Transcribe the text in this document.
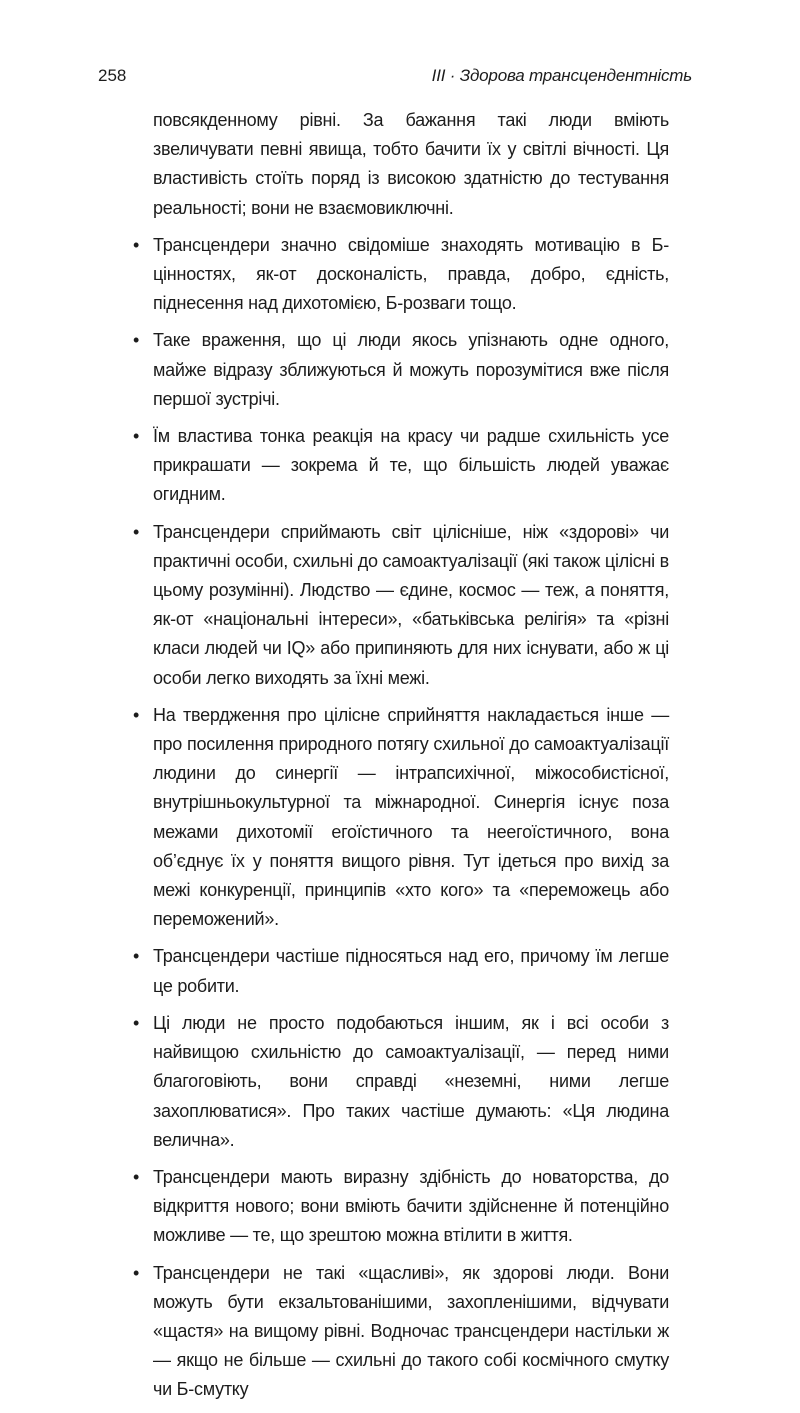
258	III · Здорова трансцендентність

повсякденному рівні. За бажання такі люди вміють звеличувати певні явища, тобто бачити їх у світлі вічності. Ця властивість стоїть поряд із високою здатністю до тестування реальності; вони не взаємовиключні.

• Трансцендери значно свідоміше знаходять мотивацію в Б-цінностях, як-от досконалість, правда, добро, єдність, піднесення над дихотомією, Б-розваги тощо.

• Таке враження, що ці люди якось упізнають одне одного, майже відразу зближуються й можуть порозумітися вже після першої зустрічі.

• Їм властива тонка реакція на красу чи радше схильність усе прикрашати — зокрема й те, що більшість людей уважає огидним.

• Трансцендери сприймають світ цілісніше, ніж «здорові» чи практичні особи, схильні до самоактуалізації (які також цілісні в цьому розумінні). Людство — єдине, космос — теж, а поняття, як-от «національні інтереси», «батьківська релігія» та «різні класи людей чи IQ» або припиняють для них існувати, або ж ці особи легко виходять за їхні межі.

• На твердження про цілісне сприйняття накладається інше — про посилення природного потягу схильної до самоактуалізації людини до синергії — інтрапсихічної, міжособистісної, внутрішньокультурної та міжнародної. Синергія існує поза межами дихотомії егоїстичного та неегоїстичного, вона об’єднує їх у поняття вищого рівня. Тут ідеться про вихід за межі конкуренції, принципів «хто кого» та «переможець або переможений».

• Трансцендери частіше підносяться над его, причому їм легше це робити.

• Ці люди не просто подобаються іншим, як і всі особи з найвищою схильністю до самоактуалізації, — перед ними благоговіють, вони справді «неземні, ними легше захоплюватися». Про таких частіше думають: «Ця людина велична».

• Трансцендери мають виразну здібність до новаторства, до відкриття нового; вони вміють бачити здійсненне й потенційно можливе — те, що зрештою можна втілити в життя.

• Трансцендери не такі «щасливі», як здорові люди. Вони можуть бути екзальтованішими, захопленішими, відчувати «щастя» на вищому рівні. Водночас трансцендери настільки ж — якщо не більше — схильні до такого собі космічного смутку чи Б-смутку
